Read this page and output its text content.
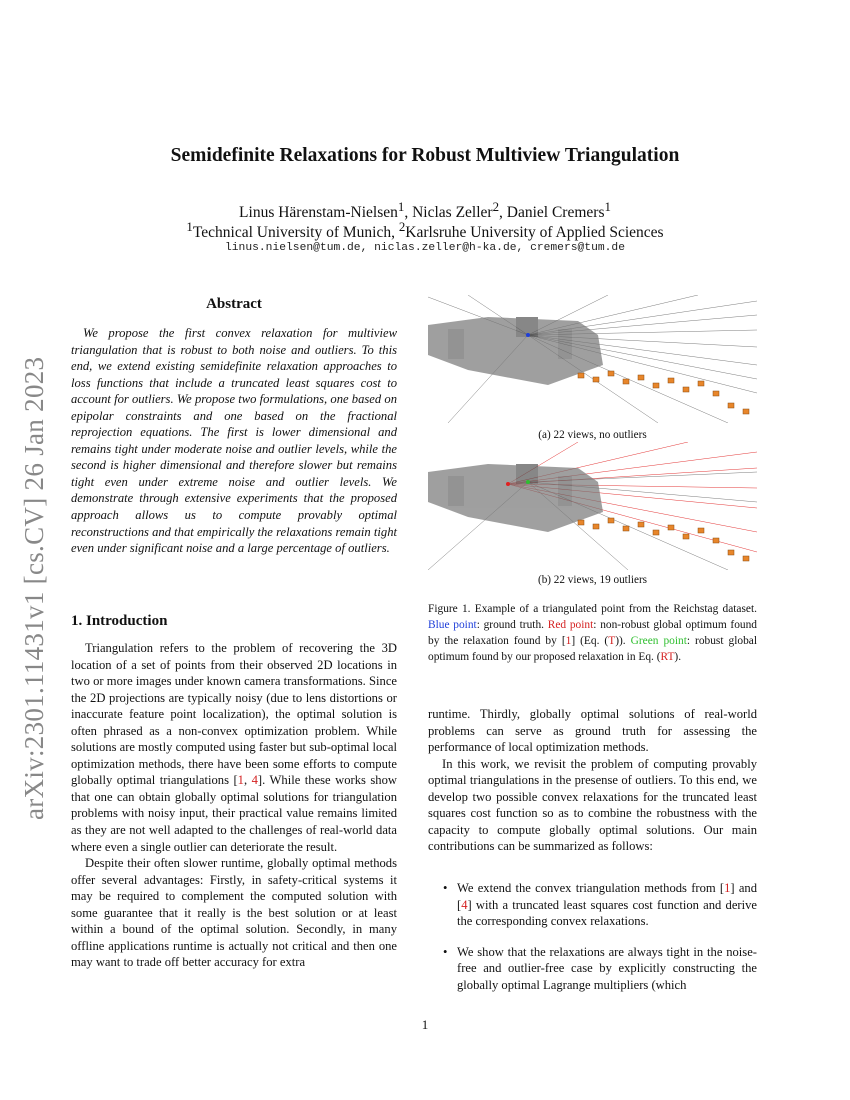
arXiv:2301.11431v1 [cs.CV] 26 Jan 2023
Semidefinite Relaxations for Robust Multiview Triangulation
Linus Härenstam-Nielsen$^1$, Niclas Zeller$^2$, Daniel Cremers$^1$
$^1$Technical University of Munich, $^2$Karlsruhe University of Applied Sciences
linus.nielsen@tum.de, niclas.zeller@h-ka.de, cremers@tum.de
Abstract
We propose the first convex relaxation for multiview triangulation that is robust to both noise and outliers. To this end, we extend existing semidefinite relaxation approaches to loss functions that include a truncated least squares cost to account for outliers. We propose two formulations, one based on epipolar constraints and one based on the fractional reprojection equations. The first is lower dimensional and remains tight under moderate noise and outlier levels, while the second is higher dimensional and therefore slower but remains tight even under extreme noise and outlier levels. We demonstrate through extensive experiments that the proposed approach allows us to compute provably optimal reconstructions and that empirically the relaxations remain tight even under significant noise and a large percentage of outliers.
1. Introduction

Triangulation refers to the problem of recovering the 3D location of a set of points from their observed 2D locations in two or more images under known camera transformations. Since the 2D projections are typically noisy (due to lens distortions or inaccurate feature point localization), the optimal solution is often phrased as a non-convex optimization problem. While solutions are mostly computed using faster but sub-optimal local optimization methods, there have been some efforts to compute globally optimal triangulations [1, 4]. While these works show that one can obtain globally optimal solutions for triangulation problems with noisy input, their practical value remains limited as they are not well adapted to the challenges of real-world data where even a single outlier can deteriorate the result.

Despite their often slower runtime, globally optimal methods offer several advantages: Firstly, in safety-critical systems it may be required to complement the computed solution with some guarantee that it really is the best solution or at least within a bound of the optimal solution. Secondly, in many offline applications runtime is actually not critical and then one may want to trade off better accuracy for extra

(a) 22 views, no outliers
(b) 22 views, 19 outliers
Figure 1. Example of a triangulated point from the Reichstag dataset. Blue point: ground truth. Red point: non-robust global optimum found by the relaxation found by [1] (Eq. (T)). Green point: robust global optimum found by our proposed relaxation in Eq. (RT).

runtime. Thirdly, globally optimal solutions of real-world problems can serve as ground truth for assessing the performance of local optimization methods.

In this work, we revisit the problem of computing provably optimal triangulations in the presense of outliers. To this end, we develop two possible convex relaxations for the truncated least squares cost function so as to combine the robustness with the capacity to compute globally optimal solutions. Our main contributions can be summarized as follows:

• We extend the convex triangulation methods from [1] and [4] with a truncated least squares cost function and derive the corresponding convex relaxations.
• We show that the relaxations are always tight in the noise-free and outlier-free case by explicitly constructing the globally optimal Lagrange multipliers (which
1
